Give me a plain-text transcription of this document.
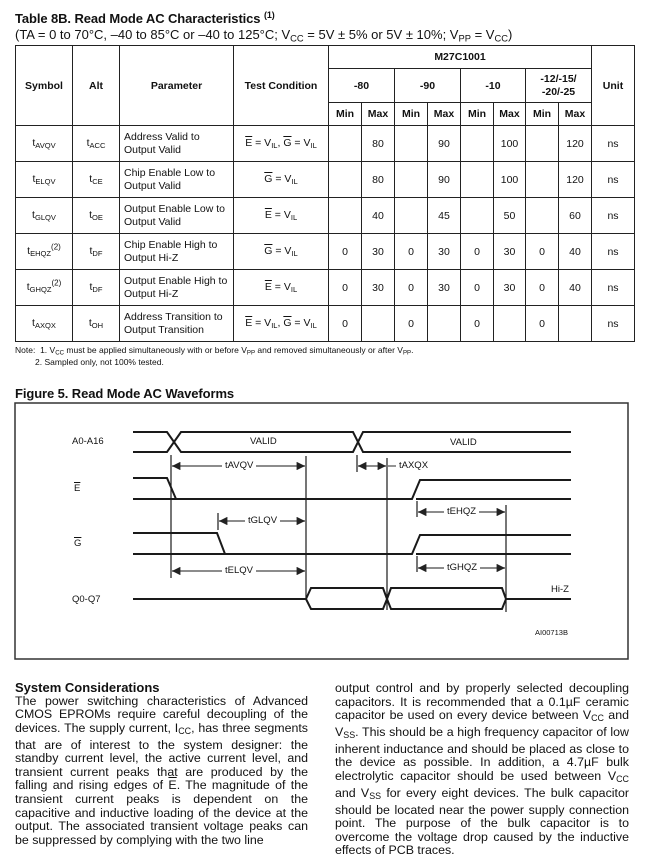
Table 8B. Read Mode AC Characteristics $^{(1)}$
(TA = 0 to 70°C, –40 to 85°C or –40 to 125°C; $V_{CC} = 5V \pm 5\%$ or 5V ± 10%; $V_{PP} = V_{CC}$)
Symbol	Alt	Parameter	Test Condition	M27C1001								Unit
				-80		-90		-10		-12/-15/
-20/-25		
				Min	Max	Min	Max	Min	Max	Min	Max	
$t_{AVQV}$	$t_{ACC}$	Address Valid to Output Valid	$\overline{E} = V_{IL}$, $\overline{G} = V_{IL}$		80		90		100		120	ns
$t_{ELQV}$	$t_{CE}$	Chip Enable Low to Output Valid	$\overline{G} = V_{IL}$		80		90		100		120	ns
$t_{GLQV}$	$t_{OE}$	Output Enable Low to Output Valid	$\overline{E} = V_{IL}$		40		45		50		60	ns
$t_{EHQZ}^{(2)}$	$t_{DF}$	Chip Enable High to Output Hi-Z	$\overline{G} = V_{IL}$	0	30	0	30	0	30	0	40	ns
$t_{GHQZ}^{(2)}$	$t_{DF}$	Output Enable High to Output Hi-Z	$\overline{E} = V_{IL}$	0	30	0	30	0	30	0	40	ns
$t_{AXQX}$	$t_{OH}$	Address Transition to Output Transition	$\overline{E} = V_{IL}$, $\overline{G} = V_{IL}$	0		0		0		0		ns
Note: 1. $V_{CC}$ must be applied simultaneously with or before $V_{PP}$ and removed simultaneously or after $V_{PP}$.
2. Sampled only, not 100% tested.
Figure 5. Read Mode AC Waveforms
A0-A16
$\overline{E}$
$\overline{G}$
Q0-Q7
VALID	VALID
tAVQV	tAXQX
tGLQV
tEHQZ
tELQV	tGHQZ
Hi-Z
AI00713B
System Considerations

The power switching characteristics of Advanced CMOS EPROMs require careful decoupling of the devices. The supply current, $I_{CC}$, has three segments that are of interest to the system designer: the standby current level, the active current level, and transient current peaks that are produced by the falling and rising edges of $\overline{E}$. The magnitude of the transient current peaks is dependent on the capacitive and inductive loading of the device at the output. The associated transient voltage peaks can be suppressed by complying with the two line

output control and by properly selected decoupling capacitors. It is recommended that a 0.1µF ceramic capacitor be used on every device between $V_{CC}$ and $V_{SS}$. This should be a high frequency capacitor of low inherent inductance and should be placed as close to the device as possible. In addition, a 4.7µF bulk electrolytic capacitor should be used between $V_{CC}$ and $V_{SS}$ for every eight devices. The bulk capacitor should be located near the power supply connection point. The purpose of the bulk capacitor is to overcome the voltage drop caused by the inductive effects of PCB traces.
